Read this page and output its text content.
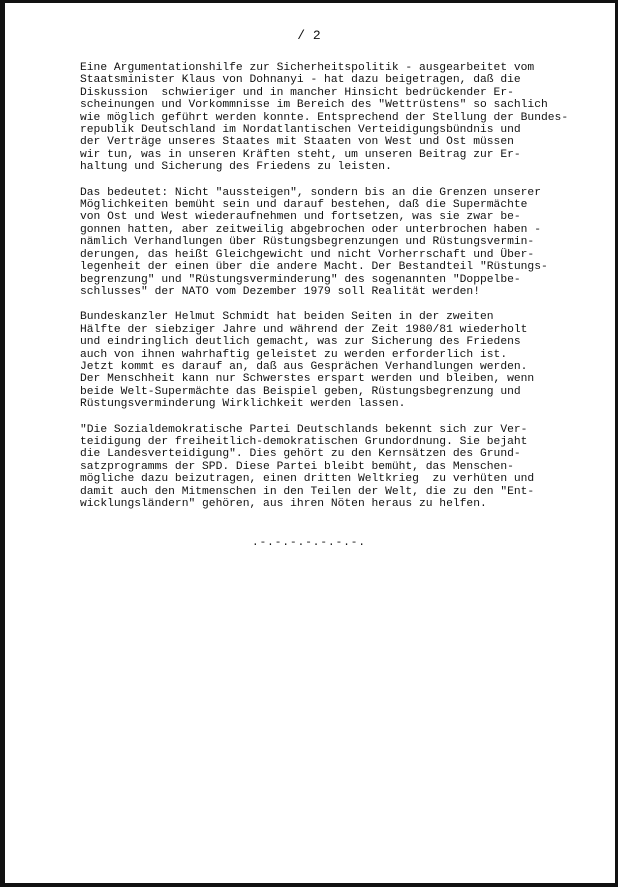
/ 2

Eine Argumentationshilfe zur Sicherheitspolitik - ausgearbeitet vom
Staatsminister Klaus von Dohnanyi - hat dazu beigetragen, daß die
Diskussion  schwieriger und in mancher Hinsicht bedrückender Er-
scheinungen und Vorkommnisse im Bereich des "Wettrüstens" so sachlich
wie möglich geführt werden konnte. Entsprechend der Stellung der Bundes-
republik Deutschland im Nordatlantischen Verteidigungsbündnis und
der Verträge unseres Staates mit Staaten von West und Ost müssen
wir tun, was in unseren Kräften steht, um unseren Beitrag zur Er-
haltung und Sicherung des Friedens zu leisten.

Das bedeutet: Nicht "aussteigen", sondern bis an die Grenzen unserer
Möglichkeiten bemüht sein und darauf bestehen, daß die Supermächte
von Ost und West wiederaufnehmen und fortsetzen, was sie zwar be-
gonnen hatten, aber zeitweilig abgebrochen oder unterbrochen haben -
nämlich Verhandlungen über Rüstungsbegrenzungen und Rüstungsvermin-
derungen, das heißt Gleichgewicht und nicht Vorherrschaft und Über-
legenheit der einen über die andere Macht. Der Bestandteil "Rüstungs-
begrenzung" und "Rüstungsverminderung" des sogenannten "Doppelbe-
schlusses" der NATO vom Dezember 1979 soll Realität werden!

Bundeskanzler Helmut Schmidt hat beiden Seiten in der zweiten
Hälfte der siebziger Jahre und während der Zeit 1980/81 wiederholt
und eindringlich deutlich gemacht, was zur Sicherung des Friedens
auch von ihnen wahrhaftig geleistet zu werden erforderlich ist.
Jetzt kommt es darauf an, daß aus Gesprächen Verhandlungen werden.
Der Menschheit kann nur Schwerstes erspart werden und bleiben, wenn
beide Welt-Supermächte das Beispiel geben, Rüstungsbegrenzung und
Rüstungsverminderung Wirklichkeit werden lassen.

"Die Sozialdemokratische Partei Deutschlands bekennt sich zur Ver-
teidigung der freiheitlich-demokratischen Grundordnung. Sie bejaht
die Landesverteidigung". Dies gehört zu den Kernsätzen des Grund-
satzprogramms der SPD. Diese Partei bleibt bemüht, das Menschen-
mögliche dazu beizutragen, einen dritten Weltkrieg  zu verhüten und
damit auch den Mitmenschen in den Teilen der Welt, die zu den "Ent-
wicklungsländern" gehören, aus ihren Nöten heraus zu helfen.

.-.-.-.-.-.-.-.
